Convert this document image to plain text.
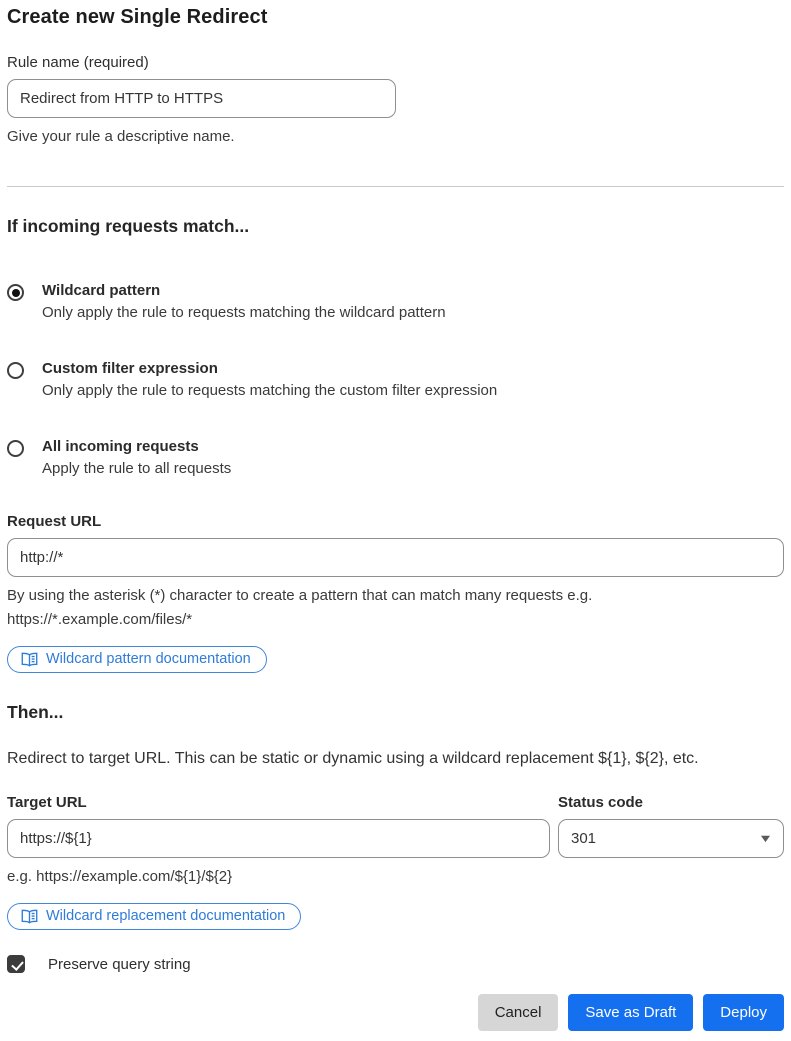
Create new Single Redirect
Rule name (required)
Redirect from HTTP to HTTPS
Give your rule a descriptive name.
If incoming requests match...
Wildcard pattern
Only apply the rule to requests matching the wildcard pattern
Custom filter expression
Only apply the rule to requests matching the custom filter expression
All incoming requests
Apply the rule to all requests
Request URL
http://*
By using the asterisk (*) character to create a pattern that can match many requests e.g.
https://*.example.com/files/*
Wildcard pattern documentation
Then...

Redirect to target URL. This can be static or dynamic using a wildcard replacement ${1}, ${2}, etc.

Target URL
https://${1}
e.g. https://example.com/${1}/${2}
Status code
301	▼
Wildcard replacement documentation
Preserve query string
Cancel	Save as Draft	Deploy
